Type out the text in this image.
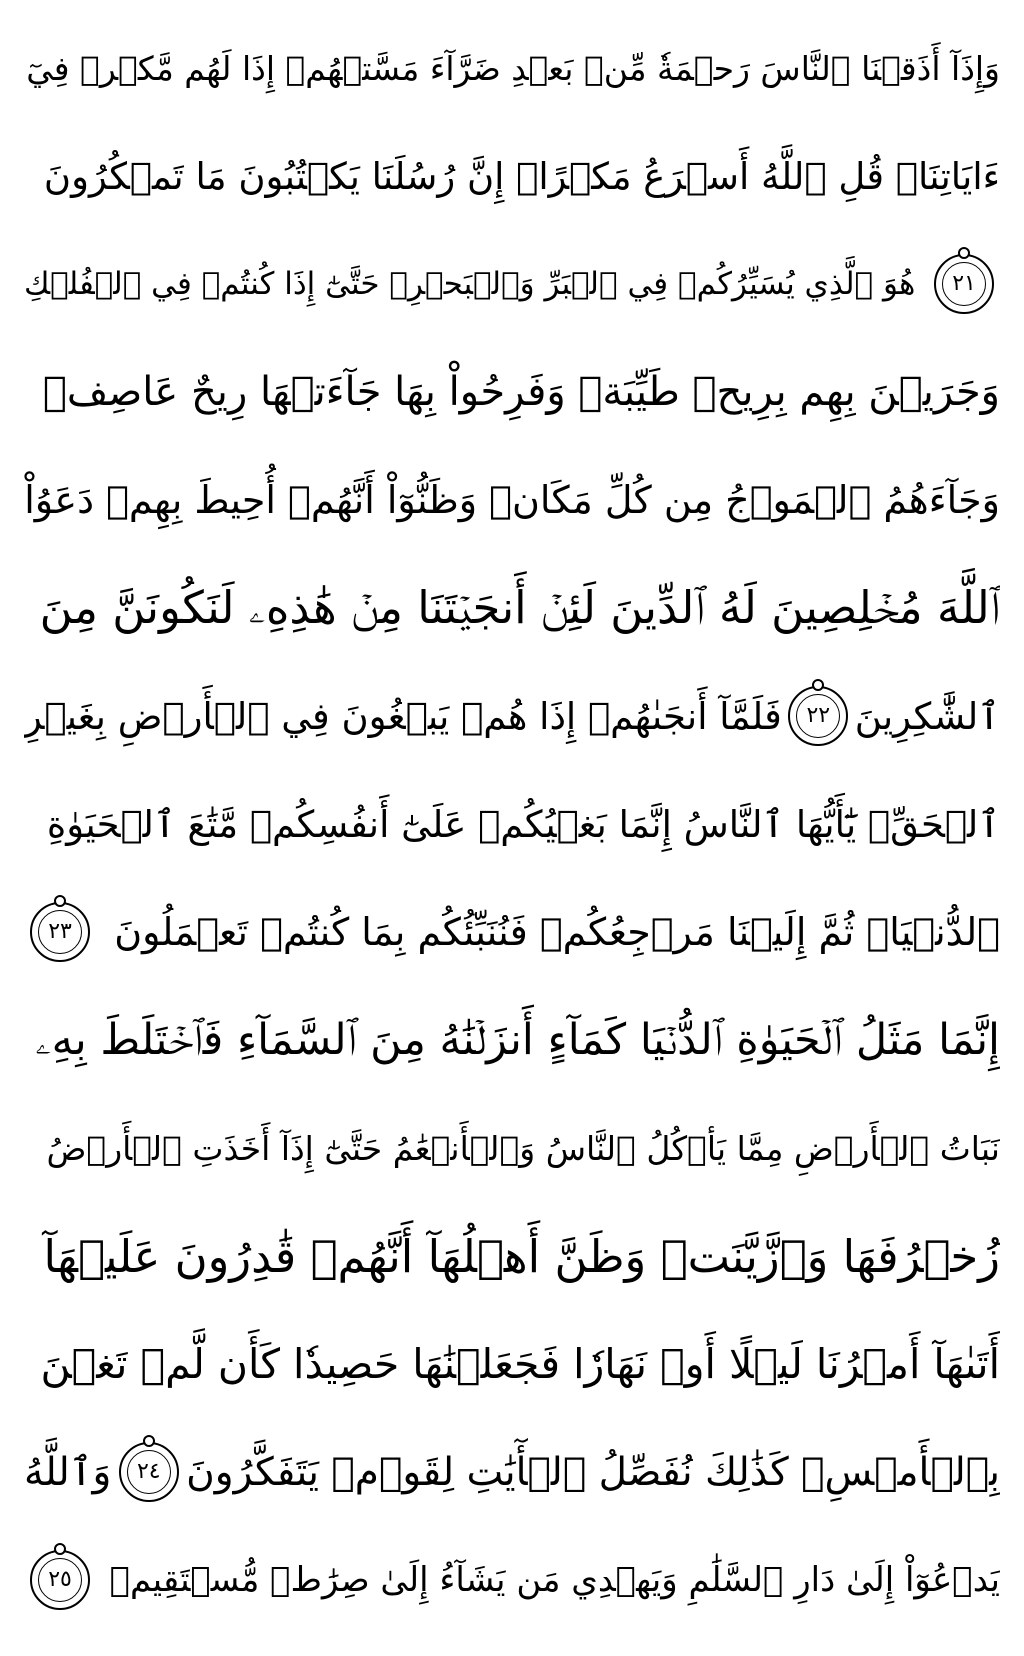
وَإِذَآ أَذَقۡنَا ٱلنَّاسَ رَحۡمَةٗ مِّنۢ بَعۡدِ ضَرَّآءَ مَسَّتۡهُمۡ إِذَا لَهُم مَّكۡرٞ فِيٓ
ءَايَاتِنَاۚ قُلِ ٱللَّهُ أَسۡرَعُ مَكۡرًاۚ إِنَّ رُسُلَنَا يَكۡتُبُونَ مَا تَمۡكُرُونَ
٢١
هُوَ ٱلَّذِي يُسَيِّرُكُمۡ فِي ٱلۡبَرِّ وَٱلۡبَحۡرِۖ حَتَّىٰٓ إِذَا كُنتُمۡ فِي ٱلۡفُلۡكِ
وَجَرَيۡنَ بِهِم بِرِيحٖ طَيِّبَةٖ وَفَرِحُواْ بِهَا جَآءَتۡهَا رِيحٌ عَاصِفٞ
وَجَآءَهُمُ ٱلۡمَوۡجُ مِن كُلِّ مَكَانٖ وَظَنُّوٓاْ أَنَّهُمۡ أُحِيطَ بِهِمۡ دَعَوُاْ
ٱللَّهَ مُخۡلِصِينَ لَهُ ٱلدِّينَ لَئِنۡ أَنجَيۡتَنَا مِنۡ هَٰذِهِۦ لَنَكُونَنَّ مِنَ
ٱلشَّٰكِرِينَ
٢٢
فَلَمَّآ أَنجَىٰهُمۡ إِذَا هُمۡ يَبۡغُونَ فِي ٱلۡأَرۡضِ بِغَيۡرِ
ٱلۡحَقِّۗ يَٰٓأَيُّهَا ٱلنَّاسُ إِنَّمَا بَغۡيُكُمۡ عَلَىٰٓ أَنفُسِكُمۖ مَّتَٰعَ ٱلۡحَيَوٰةِ
ٱلدُّنۡيَاۖ ثُمَّ إِلَيۡنَا مَرۡجِعُكُمۡ فَنُنَبِّئُكُم بِمَا كُنتُمۡ تَعۡمَلُونَ
٢٣
إِنَّمَا مَثَلُ ٱلۡحَيَوٰةِ ٱلدُّنۡيَا كَمَآءٍ أَنزَلۡنَٰهُ مِنَ ٱلسَّمَآءِ فَٱخۡتَلَطَ بِهِۦ
نَبَاتُ ٱلۡأَرۡضِ مِمَّا يَأۡكُلُ ٱلنَّاسُ وَٱلۡأَنۡعَٰمُ حَتَّىٰٓ إِذَآ أَخَذَتِ ٱلۡأَرۡضُ
زُخۡرُفَهَا وَٱزَّيَّنَتۡ وَظَنَّ أَهۡلُهَآ أَنَّهُمۡ قَٰدِرُونَ عَلَيۡهَآ
أَتَىٰهَآ أَمۡرُنَا لَيۡلًا أَوۡ نَهَارٗا فَجَعَلۡنَٰهَا حَصِيدٗا كَأَن لَّمۡ تَغۡنَ
بِٱلۡأَمۡسِۚ كَذَٰلِكَ نُفَصِّلُ ٱلۡأٓيَٰتِ لِقَوۡمٖ يَتَفَكَّرُونَ
٢٤
وَٱللَّهُ
يَدۡعُوٓاْ إِلَىٰ دَارِ ٱلسَّلَٰمِ وَيَهۡدِي مَن يَشَآءُ إِلَىٰ صِرَٰطٖ مُّسۡتَقِيمٖ
٢٥
